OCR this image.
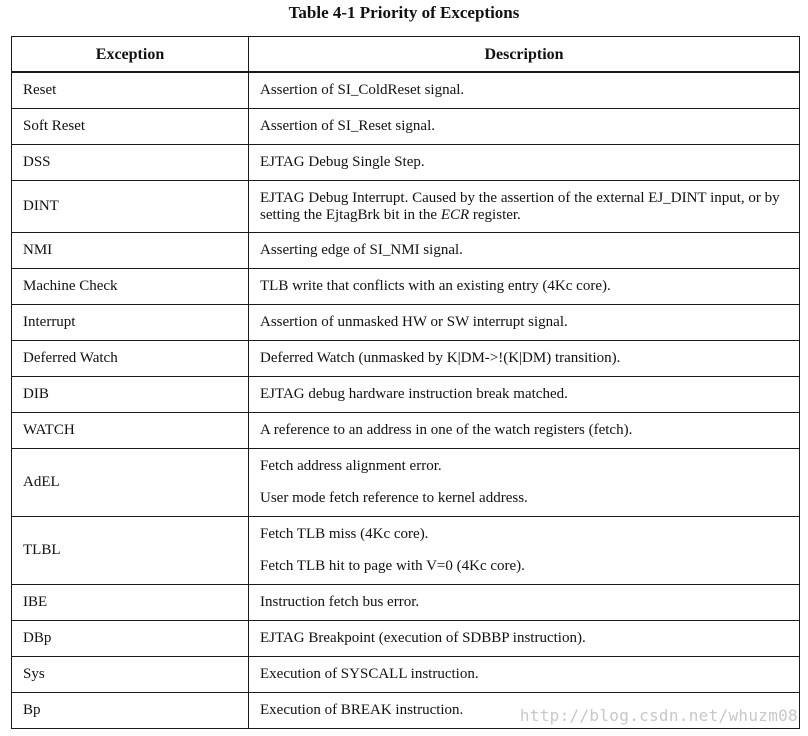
Table 4-1 Priority of Exceptions
Exception	Description
Reset	Assertion of SI_ColdReset signal.

Soft Reset	Assertion of SI_Reset signal.

DSS	EJTAG Debug Single Step.

DINT	EJTAG Debug Interrupt. Caused by the assertion of the external EJ_DINT input, or by setting the EjtagBrk bit in the ECR register.
NMI	Asserting edge of SI_NMI signal.

Machine Check	TLB write that conflicts with an existing entry (4Kc core).

Interrupt	Assertion of unmasked HW or SW interrupt signal.

Deferred Watch	Deferred Watch (unmasked by K|DM->!(K|DM) transition).

DIB	EJTAG debug hardware instruction break matched.

WATCH	A reference to an address in one of the watch registers (fetch).

AdEL	Fetch address alignment error.
User mode fetch reference to kernel address.

TLBL	Fetch TLB miss (4Kc core).
Fetch TLB hit to page with V=0 (4Kc core).

IBE	Instruction fetch bus error.

DBp	EJTAG Breakpoint (execution of SDBBP instruction).

Sys	Execution of SYSCALL instruction.

Bp	Execution of BREAK instruction.	http://blog.csdn.net/whuzm08
